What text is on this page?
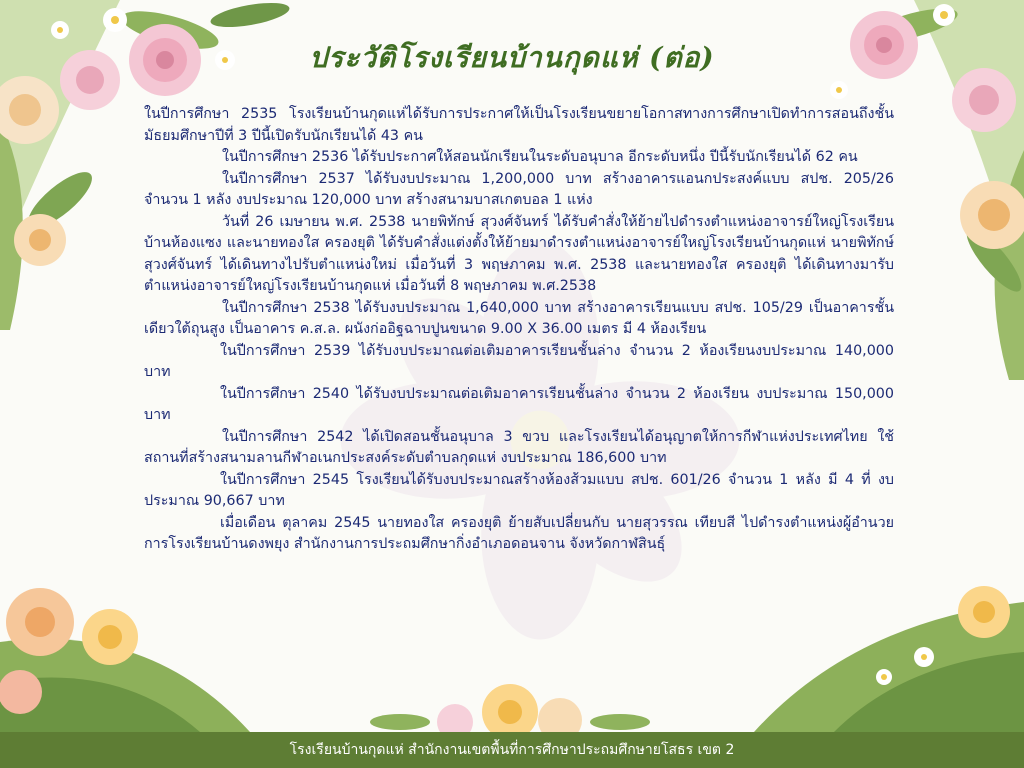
ประวัติโรงเรียนบ้านกุดแห่ (ต่อ)

ในปีการศึกษา 2535 โรงเรียนบ้านกุดแห่ได้รับการประกาศให้เป็นโรงเรียนขยายโอกาสทางการศึกษาเปิดทำการสอนถึงชั้นมัธยมศึกษาปีที่ 3 ปีนี้เปิดรับนักเรียนได้ 43 คน

ในปีการศึกษา 2536 ได้รับประกาศให้สอนนักเรียนในระดับอนุบาล อีกระดับหนึ่ง ปีนี้รับนักเรียนได้ 62 คน

ในปีการศึกษา 2537 ได้รับงบประมาณ 1,200,000 บาท สร้างอาคารแอนกประสงค์แบบ สปช. 205/26 จำนวน 1 หลัง งบประมาณ 120,000 บาท สร้างสนามบาสเกตบอล 1 แห่ง

วันที่ 26 เมษายน พ.ศ. 2538 นายพิทักษ์ สุวงศ์จันทร์ ได้รับคำสั่งให้ย้ายไปดำรงตำแหน่งอาจารย์ใหญ่โรงเรียนบ้านห้องแซง และนายทองใส ครองยุติ ได้รับคำสั่งแต่งตั้งให้ย้ายมาดำรงตำแหน่งอาจารย์ใหญ่โรงเรียนบ้านกุดแห่ นายพิทักษ์ สุวงศ์จันทร์ ได้เดินทางไปรับตำแหน่งใหม่ เมื่อวันที่ 3 พฤษภาคม พ.ศ. 2538 และนายทองใส ครองยุติ ได้เดินทางมารับตำแหน่งอาจารย์ใหญ่โรงเรียนบ้านกุดแห่ เมื่อวันที่ 8 พฤษภาคม พ.ศ.2538

ในปีการศึกษา 2538 ได้รับงบประมาณ 1,640,000 บาท สร้างอาคารเรียนแบบ สปช. 105/29 เป็นอาคารชั้นเดียวใต้ถุนสูง เป็นอาคาร ค.ส.ล. ผนังก่ออิฐฉาบปูนขนาด 9.00 X 36.00 เมตร มี 4 ห้องเรียน

ในปีการศึกษา 2539 ได้รับงบประมาณต่อเติมอาคารเรียนชั้นล่าง จำนวน 2 ห้องเรียนงบประมาณ 140,000 บาท

ในปีการศึกษา 2540 ได้รับงบประมาณต่อเติมอาคารเรียนชั้นล่าง จำนวน 2 ห้องเรียน งบประมาณ 150,000 บาท

ในปีการศึกษา 2542 ได้เปิดสอนชั้นอนุบาล 3 ขวบ และโรงเรียนได้อนุญาตให้การกีฬาแห่งประเทศไทย ใช้สถานที่สร้างสนามลานกีฬาอเนกประสงค์ระดับตำบลกุดแห่ งบประมาณ 186,600 บาท

ในปีการศึกษา 2545 โรงเรียนได้รับงบประมาณสร้างห้องส้วมแบบ สปช. 601/26 จำนวน 1 หลัง มี 4 ที่ งบประมาณ 90,667 บาท

เมื่อเดือน ตุลาคม 2545 นายทองใส ครองยุติ ย้ายสับเปลี่ยนกับ นายสุวรรณ เทียบสี ไปดำรงตำแหน่งผู้อำนวยการโรงเรียนบ้านดงพยุง สำนักงานการประถมศึกษากิ่งอำเภอดอนจาน จังหวัดกาฬสินธุ์

โรงเรียนบ้านกุดแห่ สำนักงานเขตพื้นที่การศึกษาประถมศึกษายโสธร เขต 2
